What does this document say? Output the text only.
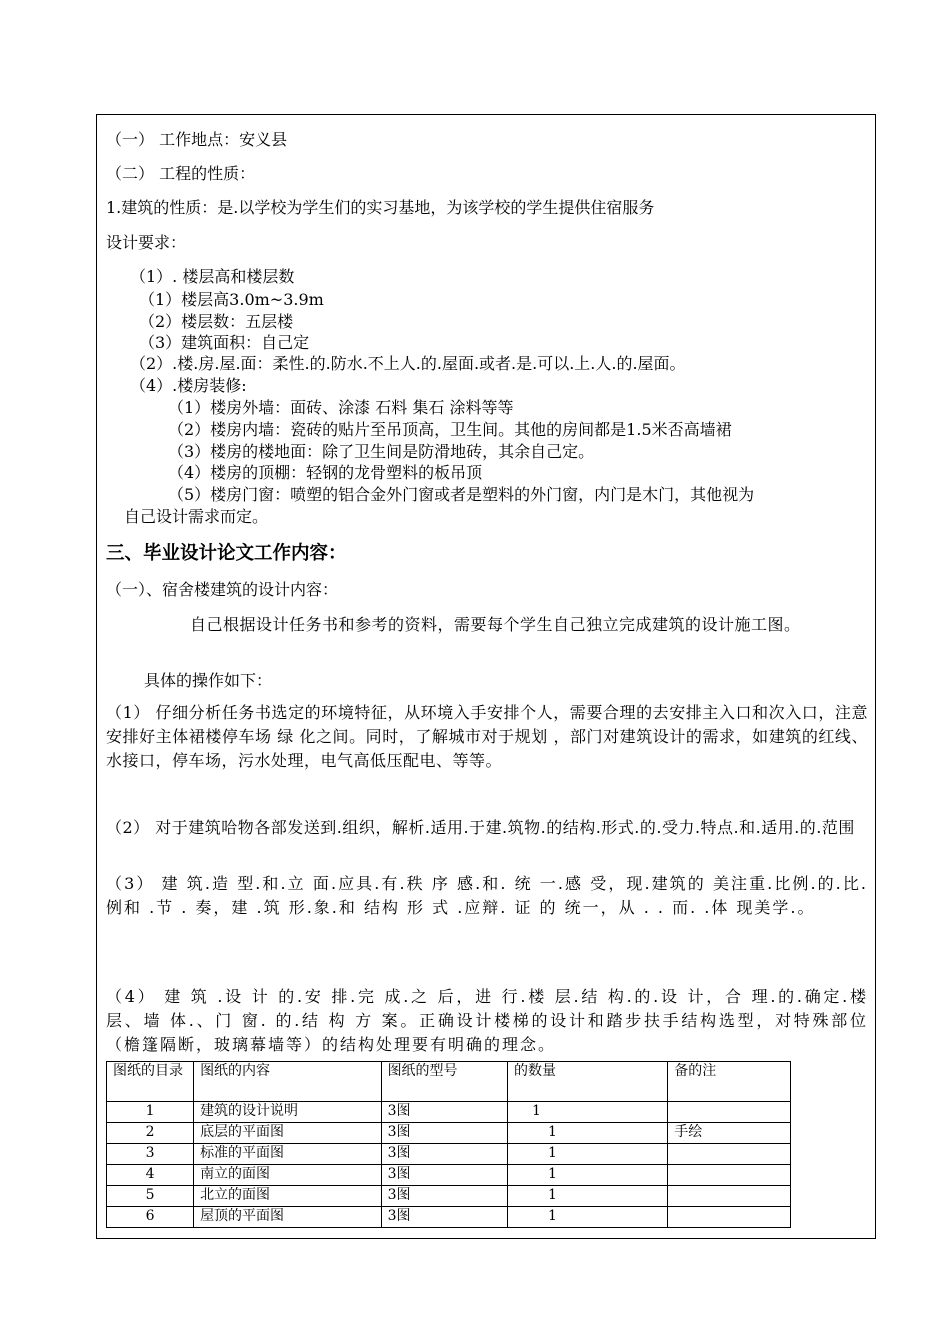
（一） 工作地点：安义县
（二） 工程的性质：
1.建筑的性质：是.以学校为学生们的实习基地，为该学校的学生提供住宿服务
设计要求：
（1）. 楼层高和楼层数
（1）楼层高3.0m~3.9m
（2）楼层数：五层楼
（3）建筑面积：自己定
（2）.楼.房.屋.面：柔性.的.防水.不上人.的.屋面.或者.是.可以.上.人.的.屋面。
（4）.楼房装修:
（1）楼房外墙：面砖、涂漆 石料 集石 涂料等等
（2）楼房内墙：瓷砖的贴片至吊顶高，卫生间。其他的房间都是1.5米否高墙裙
（3）楼房的楼地面：除了卫生间是防滑地砖，其余自己定。
（4）楼房的顶棚：轻钢的龙骨塑料的板吊顶
（5）楼房门窗：喷塑的铝合金外门窗或者是塑料的外门窗，内门是木门，其他视为
自己设计需求而定。
三、毕业设计论文工作内容：
（一）、宿舍楼建筑的设计内容：
自己根据设计任务书和参考的资料，需要每个学生自己独立完成建筑的设计施工图。
具体的操作如下：
（1） 仔细分析任务书选定的环境特征，从环境入手安排个人，需要合理的去安排主入口和次入口，注意安排好主体裙楼停车场 绿 化之间。同时，了解城市对于规划 ，部门对建筑设计的需求，如建筑的红线、水接口，停车场，污水处理，电气高低压配电、等等。
（2） 对于建筑哈物各部发送到.组织，解析.适用.于建.筑物.的结构.形式.的.受力.特点.和.适用.的.范围
（3） 建 筑.造 型.和.立 面.应具.有.秩 序 感.和. 统 一.感 受，现.建筑的 美注重.比例.的.比.例和 .节 . 奏，建 .筑 形.象.和 结构 形 式 .应辩. 证 的 统一，从 . . 而. .体 现美学.。
（4） 建 筑 .设 计 的.安 排.完 成.之 后，进 行.楼 层.结 构.的.设 计，合 理.的.确定.楼 层、墙 体.、门 窗. 的.结 构 方 案。正确设计楼梯的设计和踏步扶手结构选型，对特殊部位（檐篷隔断，玻璃幕墙等）的结构处理要有明确的理念。
图纸的目录	图纸的内容	图纸的型号	的数量	备的注
1	建筑的设计说明	3图	1	
2	底层的平面图	3图	1	手绘
3	标准的平面图	3图	1	
4	南立的面图	3图	1	
5	北立的面图	3图	1	
6	屋顶的平面图	3图	1	
